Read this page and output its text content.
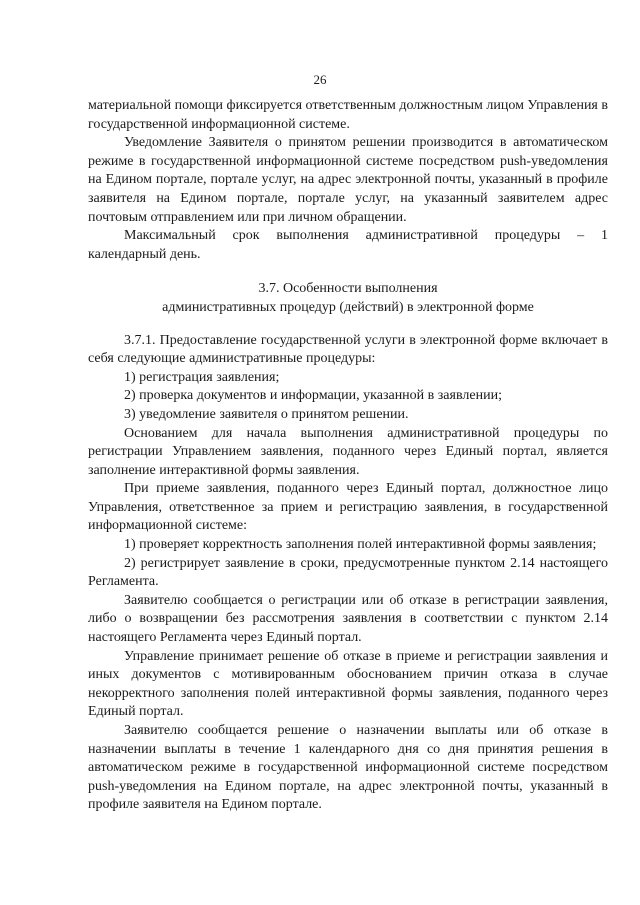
26

материальной помощи фиксируется ответственным должностным лицом Управления в государственной информационной системе.

Уведомление Заявителя о принятом решении производится в автоматическом режиме в государственной информационной системе посредством push-уведомления на Едином портале, портале услуг, на адрес электронной почты, указанный в профиле заявителя на Едином портале, портале услуг, на указанный заявителем адрес почтовым отправлением или при личном обращении.

Максимальный срок выполнения административной процедуры – 1 календарный день.

3.7. Особенности выполнения
административных процедур (действий) в электронной форме

3.7.1. Предоставление государственной услуги в электронной форме включает в себя следующие административные процедуры:

1) регистрация заявления;

2) проверка документов и информации, указанной в заявлении;

3) уведомление заявителя о принятом решении.

Основанием для начала выполнения административной процедуры по регистрации Управлением заявления, поданного через Единый портал, является заполнение интерактивной формы заявления.

При приеме заявления, поданного через Единый портал, должностное лицо Управления, ответственное за прием и регистрацию заявления, в государственной информационной системе:

1) проверяет корректность заполнения полей интерактивной формы заявления;

2) регистрирует заявление в сроки, предусмотренные пунктом 2.14 настоящего Регламента.

Заявителю сообщается о регистрации или об отказе в регистрации заявления, либо о возвращении без рассмотрения заявления в соответствии с пунктом 2.14 настоящего Регламента через Единый портал.

Управление принимает решение об отказе в приеме и регистрации заявления и иных документов с мотивированным обоснованием причин отказа в случае некорректного заполнения полей интерактивной формы заявления, поданного через Единый портал.

Заявителю сообщается решение о назначении выплаты или об отказе в назначении выплаты в течение 1 календарного дня со дня принятия решения в автоматическом режиме в государственной информационной системе посредством push-уведомления на Едином портале, на адрес электронной почты, указанный в профиле заявителя на Едином портале.
